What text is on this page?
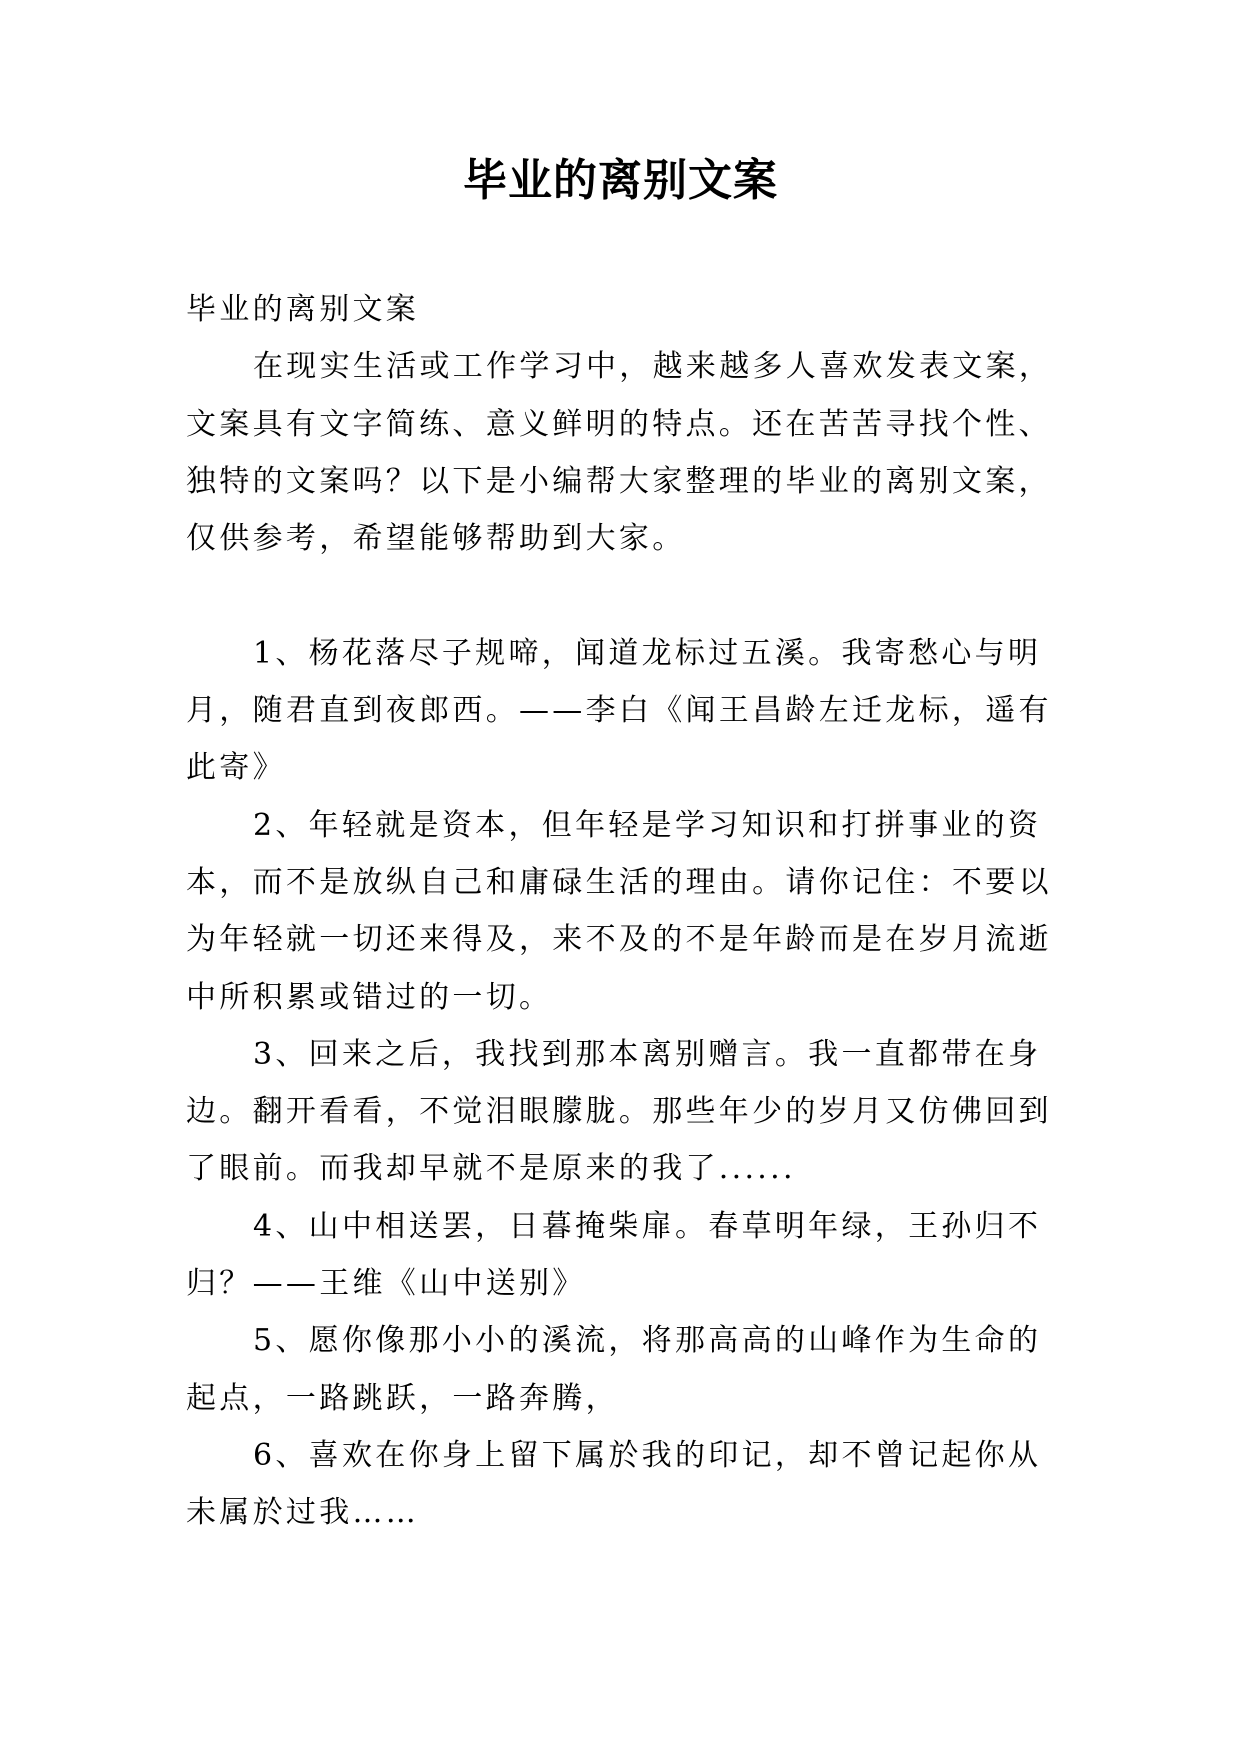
毕业的离别文案
毕业的离别文案
在现实生活或工作学习中，越来越多人喜欢发表文案，
文案具有文字简练、意义鲜明的特点。还在苦苦寻找个性、
独特的文案吗？以下是小编帮大家整理的毕业的离别文案，
仅供参考，希望能够帮助到大家。
1、杨花落尽子规啼，闻道龙标过五溪。我寄愁心与明
月，随君直到夜郎西。——李白《闻王昌龄左迁龙标，遥有
此寄》
2、年轻就是资本，但年轻是学习知识和打拼事业的资
本，而不是放纵自己和庸碌生活的理由。请你记住：不要以
为年轻就一切还来得及，来不及的不是年龄而是在岁月流逝
中所积累或错过的一切。
3、回来之后，我找到那本离别赠言。我一直都带在身
边。翻开看看，不觉泪眼朦胧。那些年少的岁月又仿佛回到
了眼前。而我却早就不是原来的我了......
4、山中相送罢，日暮掩柴扉。春草明年绿，王孙归不
归？——王维《山中送别》
5、愿你像那小小的溪流，将那高高的山峰作为生命的
起点，一路跳跃，一路奔腾，
6、喜欢在你身上留下属於我的印记，却不曾记起你从
未属於过我……
